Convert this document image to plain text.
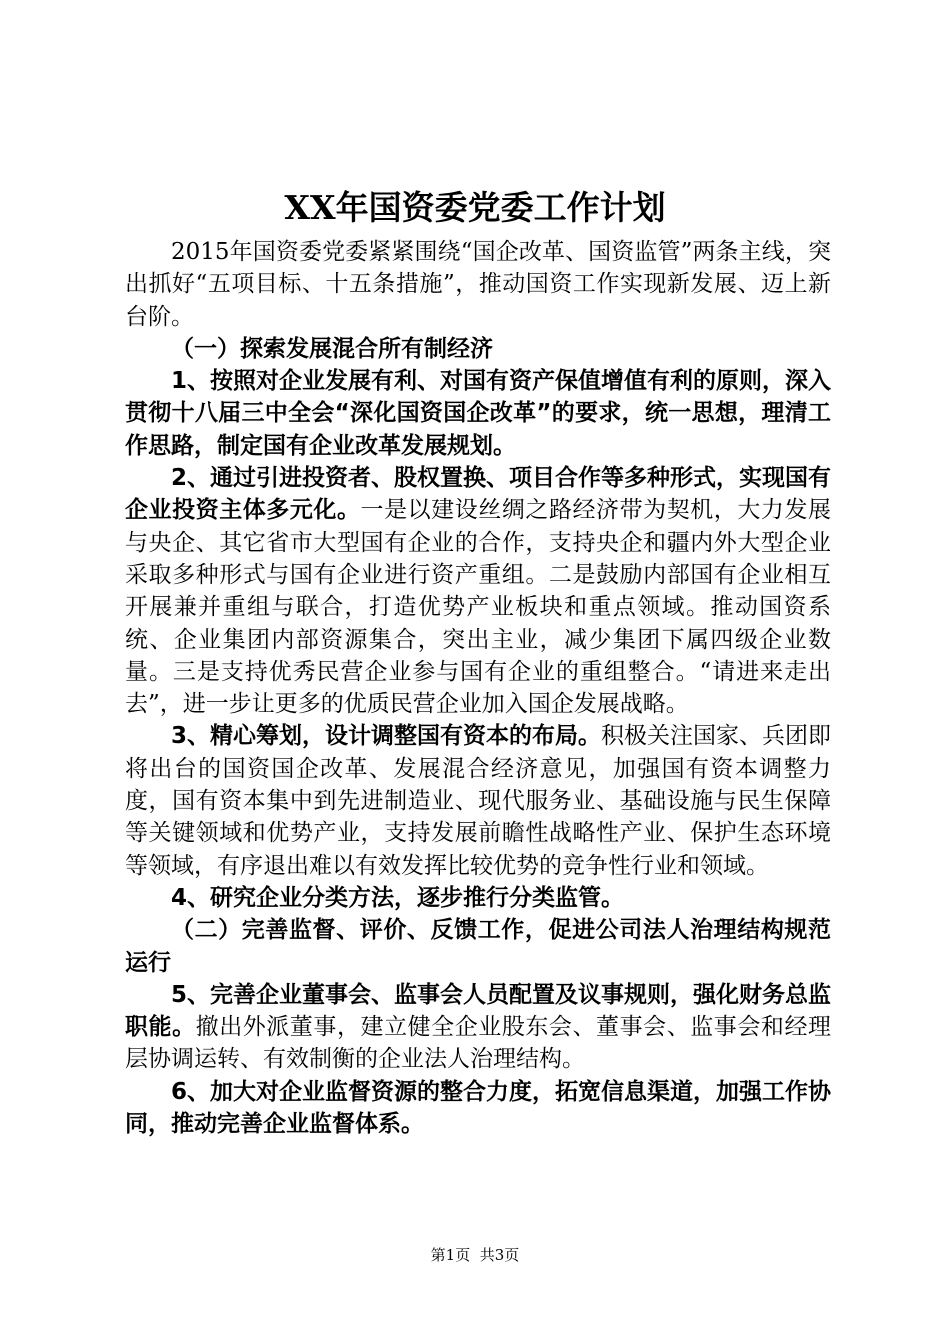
XX年国资委党委工作计划

2015年国资委党委紧紧围绕“国企改革、国资监管”两条主线，突出抓好“五项目标、十五条措施”，推动国资工作实现新发展、迈上新台阶。

（一）探索发展混合所有制经济

1、按照对企业发展有利、对国有资产保值增值有利的原则，深入贯彻十八届三中全会“深化国资国企改革”的要求，统一思想，理清工作思路，制定国有企业改革发展规划。

2、通过引进投资者、股权置换、项目合作等多种形式，实现国有企业投资主体多元化。一是以建设丝绸之路经济带为契机，大力发展与央企、其它省市大型国有企业的合作，支持央企和疆内外大型企业采取多种形式与国有企业进行资产重组。二是鼓励内部国有企业相互开展兼并重组与联合，打造优势产业板块和重点领域。推动国资系统、企业集团内部资源集合，突出主业，减少集团下属四级企业数量。三是支持优秀民营企业参与国有企业的重组整合。“请进来走出去”，进一步让更多的优质民营企业加入国企发展战略。

3、精心筹划，设计调整国有资本的布局。积极关注国家、兵团即将出台的国资国企改革、发展混合经济意见，加强国有资本调整力度，国有资本集中到先进制造业、现代服务业、基础设施与民生保障等关键领域和优势产业，支持发展前瞻性战略性产业、保护生态环境等领域，有序退出难以有效发挥比较优势的竞争性行业和领域。

4、研究企业分类方法，逐步推行分类监管。

（二）完善监督、评价、反馈工作，促进公司法人治理结构规范运行

5、完善企业董事会、监事会人员配置及议事规则，强化财务总监职能。撤出外派董事，建立健全企业股东会、董事会、监事会和经理层协调运转、有效制衡的企业法人治理结构。

6、加大对企业监督资源的整合力度，拓宽信息渠道，加强工作协同，推动完善企业监督体系。

第1页 共3页
